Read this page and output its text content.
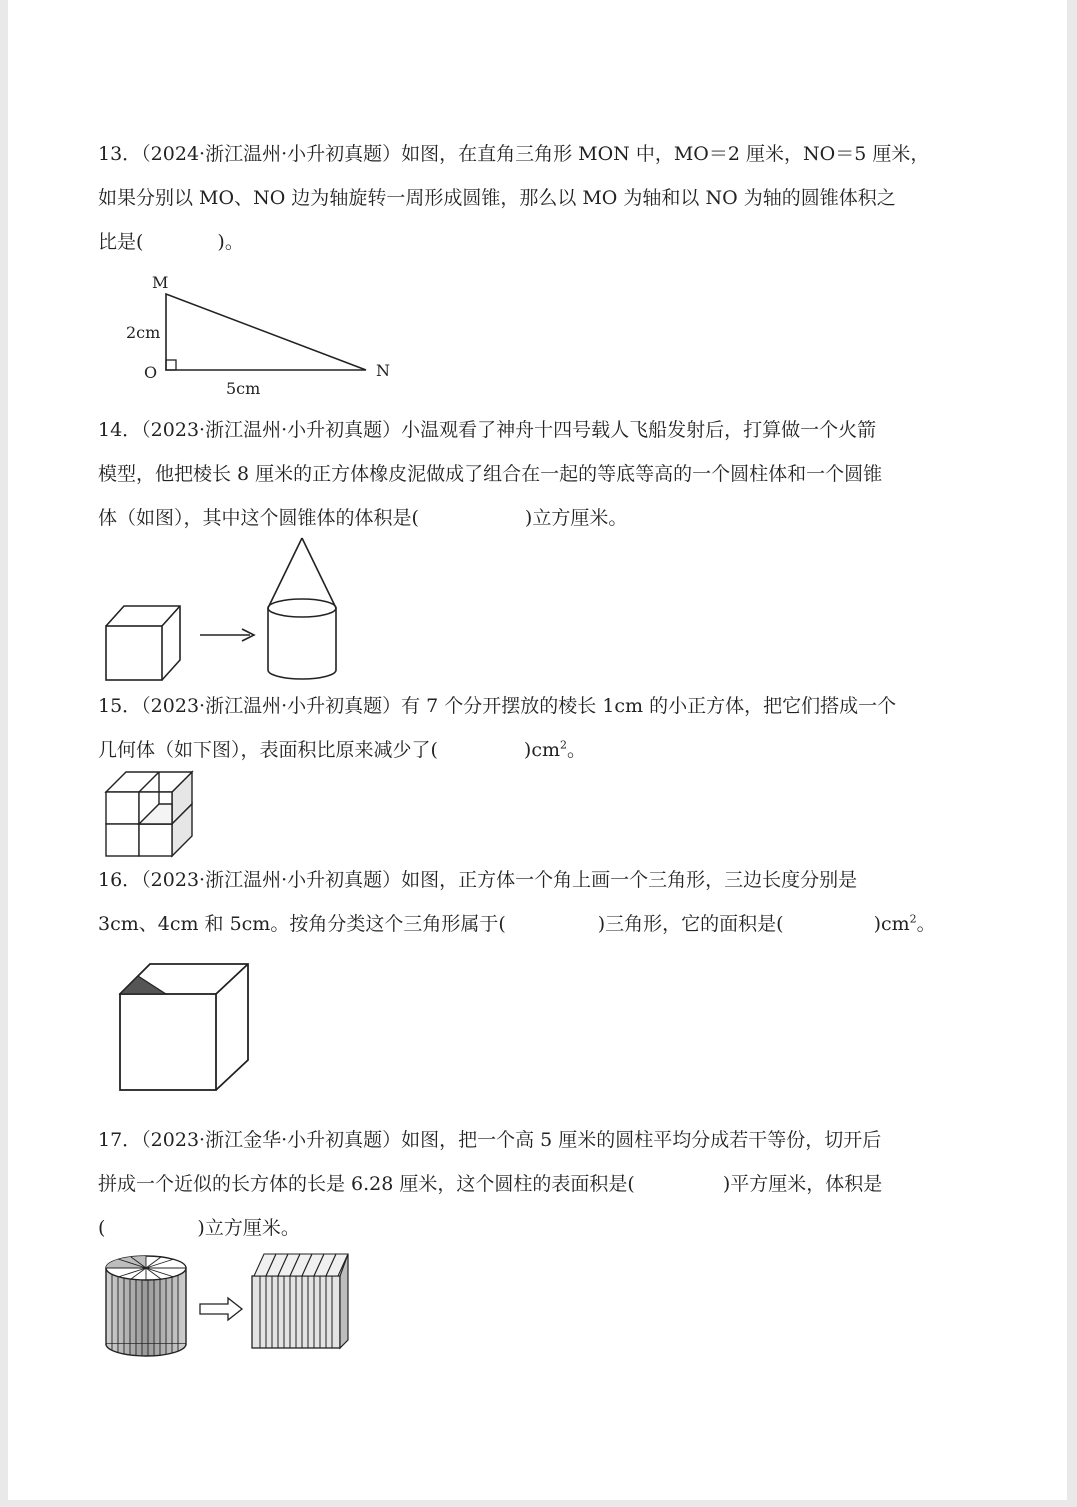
13．（2024·浙江温州·小升初真题）如图，在直角三角形 MON 中，MO＝2 厘米，NO＝5 厘米，
如果分别以 MO、NO 边为轴旋转一周形成圆锥，那么以 MO 为轴和以 NO 为轴的圆锥体积之
比是(	)。
M
2cm
O
5cm
N
14．（2023·浙江温州·小升初真题）小温观看了神舟十四号载人飞船发射后，打算做一个火箭
模型，他把棱长 8 厘米的正方体橡皮泥做成了组合在一起的等底等高的一个圆柱体和一个圆锥
体（如图），其中这个圆锥体的体积是(	)立方厘米。
15．（2023·浙江温州·小升初真题）有 7 个分开摆放的棱长 1cm 的小正方体，把它们搭成一个
几何体（如下图），表面积比原来减少了(	)$cm^2$。
16．（2023·浙江温州·小升初真题）如图，正方体一个角上画一个三角形，三边长度分别是
3cm、4cm 和 5cm。按角分类这个三角形属于(	)三角形，它的面积是(	)$cm^2$。
17．（2023·浙江金华·小升初真题）如图，把一个高 5 厘米的圆柱平均分成若干等份，切开后
拼成一个近似的长方体的长是 6.28 厘米，这个圆柱的表面积是(	)平方厘米，体积是
(	)立方厘米。
